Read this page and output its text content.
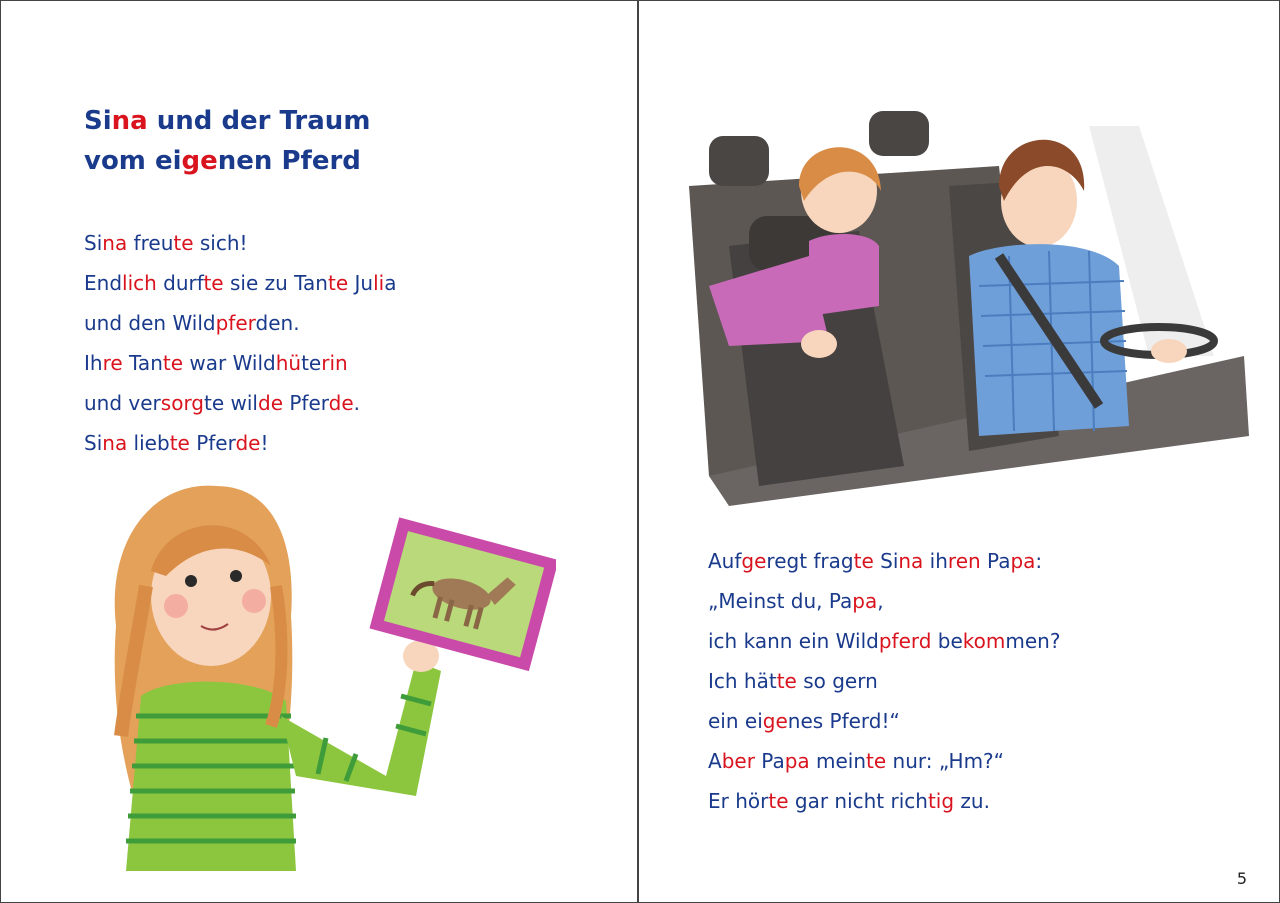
Sina und der Traum
vom eigenen Pferd
Sina freute sich!
Endlich durfte sie zu Tante Julia
und den Wildpferden.
Ihre Tante war Wildhüterin
und versorgte wilde Pferde.
Sina liebte Pferde!
Aufgeregt fragte Sina ihren Papa:
„Meinst du, Papa,
ich kann ein Wildpferd bekommen?
Ich hätte so gern
ein eigenes Pferd!“
Aber Papa meinte nur: „Hm?“
Er hörte gar nicht richtig zu.
5
